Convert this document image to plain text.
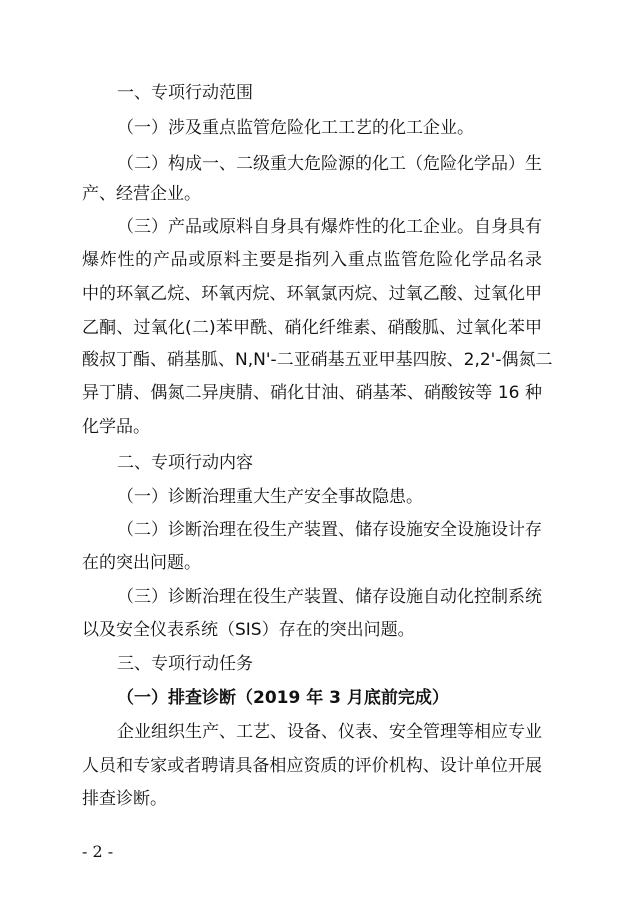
一、专项行动范围
（一）涉及重点监管危险化工工艺的化工企业。
（二）构成一、二级重大危险源的化工（危险化学品）生
产、经营企业。
（三）产品或原料自身具有爆炸性的化工企业。自身具有
爆炸性的产品或原料主要是指列入重点监管危险化学品名录
中的环氧乙烷、环氧丙烷、环氧氯丙烷、过氧乙酸、过氧化甲
乙酮、过氧化(二)苯甲酰、硝化纤维素、硝酸胍、过氧化苯甲
酸叔丁酯、硝基胍、N,N'-二亚硝基五亚甲基四胺、2,2'-偶氮二
异丁腈、偶氮二异庚腈、硝化甘油、硝基苯、硝酸铵等 16 种
化学品。
二、专项行动内容
（一）诊断治理重大生产安全事故隐患。
（二）诊断治理在役生产装置、储存设施安全设施设计存
在的突出问题。
（三）诊断治理在役生产装置、储存设施自动化控制系统
以及安全仪表系统（SIS）存在的突出问题。
三、专项行动任务
（一）排查诊断（2019 年 3 月底前完成）
企业组织生产、工艺、设备、仪表、安全管理等相应专业
人员和专家或者聘请具备相应资质的评价机构、设计单位开展
排查诊断。
- 2 -
